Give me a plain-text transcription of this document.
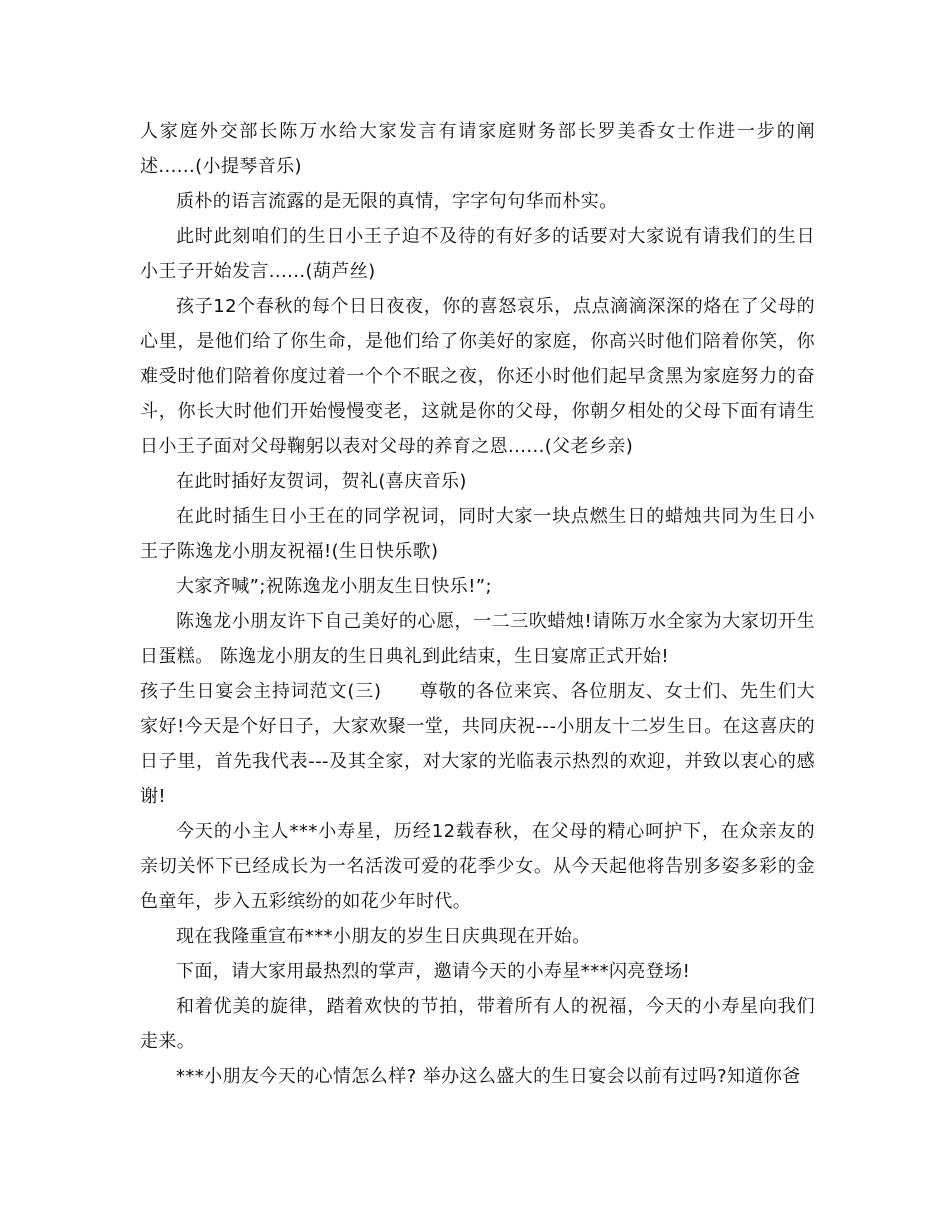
人家庭外交部长陈万水给大家发言有请家庭财务部长罗美香女士作进一步的阐述......(小提琴音乐)

质朴的语言流露的是无限的真情，字字句句华而朴实。

此时此刻咱们的生日小王子迫不及待的有好多的话要对大家说有请我们的生日小王子开始发言......(葫芦丝)

孩子12个春秋的每个日日夜夜，你的喜怒哀乐，点点滴滴深深的烙在了父母的心里，是他们给了你生命，是他们给了你美好的家庭，你高兴时他们陪着你笑，你难受时他们陪着你度过着一个个不眠之夜，你还小时他们起早贪黑为家庭努力的奋斗，你长大时他们开始慢慢变老，这就是你的父母，你朝夕相处的父母下面有请生日小王子面对父母鞠躬以表对父母的养育之恩......(父老乡亲)

在此时插好友贺词，贺礼(喜庆音乐)

在此时插生日小王在的同学祝词，同时大家一块点燃生日的蜡烛共同为生日小王子陈逸龙小朋友祝福!(生日快乐歌)

大家齐喊”;祝陈逸龙小朋友生日快乐!”;

陈逸龙小朋友许下自己美好的心愿，一二三吹蜡烛!请陈万水全家为大家切开生日蛋糕。 陈逸龙小朋友的生日典礼到此结束，生日宴席正式开始!

孩子生日宴会主持词范文(三)　　尊敬的各位来宾、各位朋友、女士们、先生们大家好!今天是个好日子，大家欢聚一堂，共同庆祝---小朋友十二岁生日。在这喜庆的日子里，首先我代表---及其全家，对大家的光临表示热烈的欢迎，并致以衷心的感谢!

今天的小主人***小寿星，历经12载春秋，在父母的精心呵护下，在众亲友的亲切关怀下已经成长为一名活泼可爱的花季少女。从今天起他将告别多姿多彩的金色童年，步入五彩缤纷的如花少年时代。

现在我隆重宣布***小朋友的岁生日庆典现在开始。

下面，请大家用最热烈的掌声，邀请今天的小寿星***闪亮登场!

和着优美的旋律，踏着欢快的节拍，带着所有人的祝福，今天的小寿星向我们走来。

***小朋友今天的心情怎么样? 举办这么盛大的生日宴会以前有过吗?知道你爸
